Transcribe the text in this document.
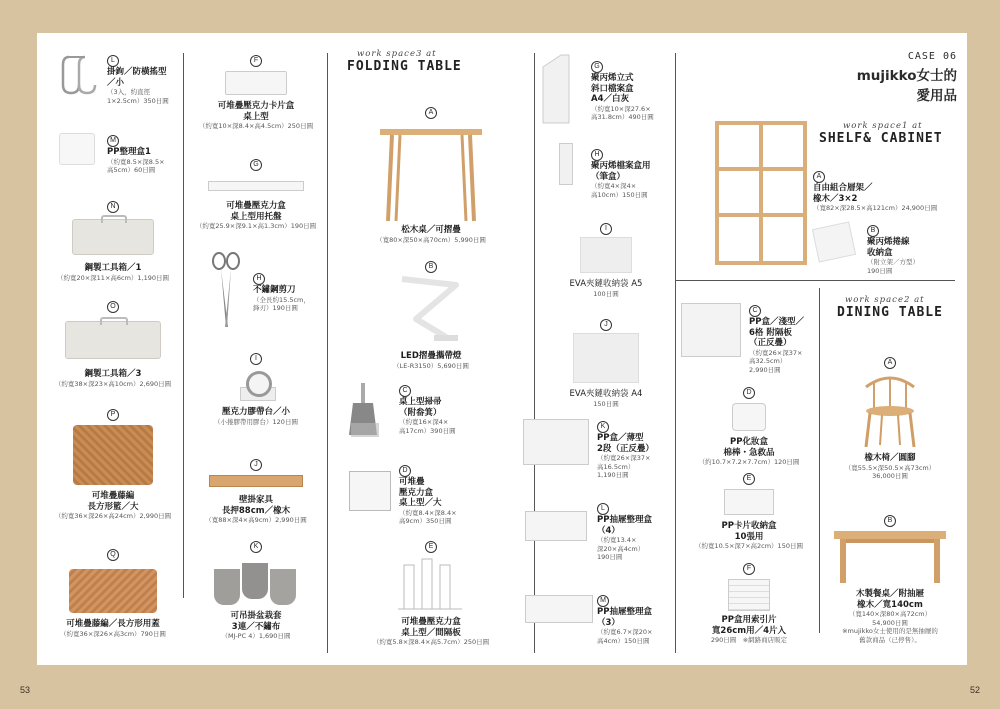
L
掛鉤／防橫搖型
／小
（3入，約直徑
1×2.5cm）350日圓
M
PP整理盒1
（約寬8.5×深8.5×
高5cm）60日圓
N
鋼製工具箱／1
（約寬20×深11×高6cm）1,190日圓
O
鋼製工具箱／3
（約寬38×深23×高10cm）2,690日圓
P
可堆疊藤編
長方形籃／大
（約寬36×深26×高24cm）2,990日圓
Q
可堆疊藤編／長方形用蓋
（約寬36×深26×高3cm）790日圓
F
可堆疊壓克力卡片盒
桌上型
（約寬10×深8.4×高4.5cm）250日圓
G
可堆疊壓克力盒
桌上型用托盤
（約寬25.9×深9.1×高1.3cm）190日圓
H
不鏽鋼剪刀
（全長約15.5cm，
鋒刃）190日圓
I
壓克力膠帶台／小
（小捲膠帶用膠台）120日圓
J
壁掛家具
長押88cm／橡木
（寬88×深4×高9cm）2,990日圓
K
可吊掛盆栽套
3連／不鏽布
（MJ-PC 4）1,690日圓
work space3 at
FOLDING TABLE
A
松木桌／可摺疊
（寬80×深50×高70cm）5,990日圓
B
LED摺疊攜帶燈
（LE-R3150）5,690日圓
C
桌上型掃帚
（附畚箕）
（約寬16×深4×
高17cm）390日圓
D
可堆疊
壓克力盒
桌上型／大
（約寬8.4×深8.4×
高9cm）350日圓
E
可堆疊壓克力盒
桌上型／間隔板
（約寬5.8×深8.4×高5.7cm）250日圓
G
聚丙烯立式
斜口檔案盒
A4／白灰
（約寬10×深27.6×
高31.8cm）490日圓
H
聚丙烯檔案盒用
（筆盒）
（約寬4×深4×
高10cm）150日圓
I
EVA夾鏈收納袋 A5
100日圓
J
EVA夾鏈收納袋 A4
150日圓
K
PP盒／薄型
2段（正反疊）
（約寬26×深37×
高16.5cm）
1,190日圓
L
PP抽屜整理盒
（4）
（約寬13.4×
深20×高4cm）
190日圓
M
PP抽屜整理盒
（3）
（約寬6.7×深20×
高4cm）150日圓
C
PP盒／淺型／
6格 附隔板
（正反疊）
（約寬26×深37×
高32.5cm）
2,990日圓
D
PP化妝盒
棉棒・急救品
（約10.7×7.2×7.7cm）120日圓
E
PP卡片收納盒
10張用
（約寬10.5×深7×高2cm）150日圓
F
PP盒用索引片
寬26cm用／4片入
290日圓　※網路商店販定
CASE 06
mujikko女士的
愛用品
work space1 at
SHELF& CABINET
A
自由組合層架／
橡木／3×2
（寬82×深28.5×高121cm）24,900日圓
B
聚丙烯捲線
收納盒
（附立架／方型）
190日圓
work space2 at
DINING TABLE
A
橡木椅／圓腳
（寬55.5×深50.5×高73cm）
36,000日圓
B
木製餐桌／附抽屜
橡木／寬140cm
（寬140×深80×高72cm）
54,900日圓
※mujikko女士使用的是無抽屜的
舊款商品（已停售）。
53	52
